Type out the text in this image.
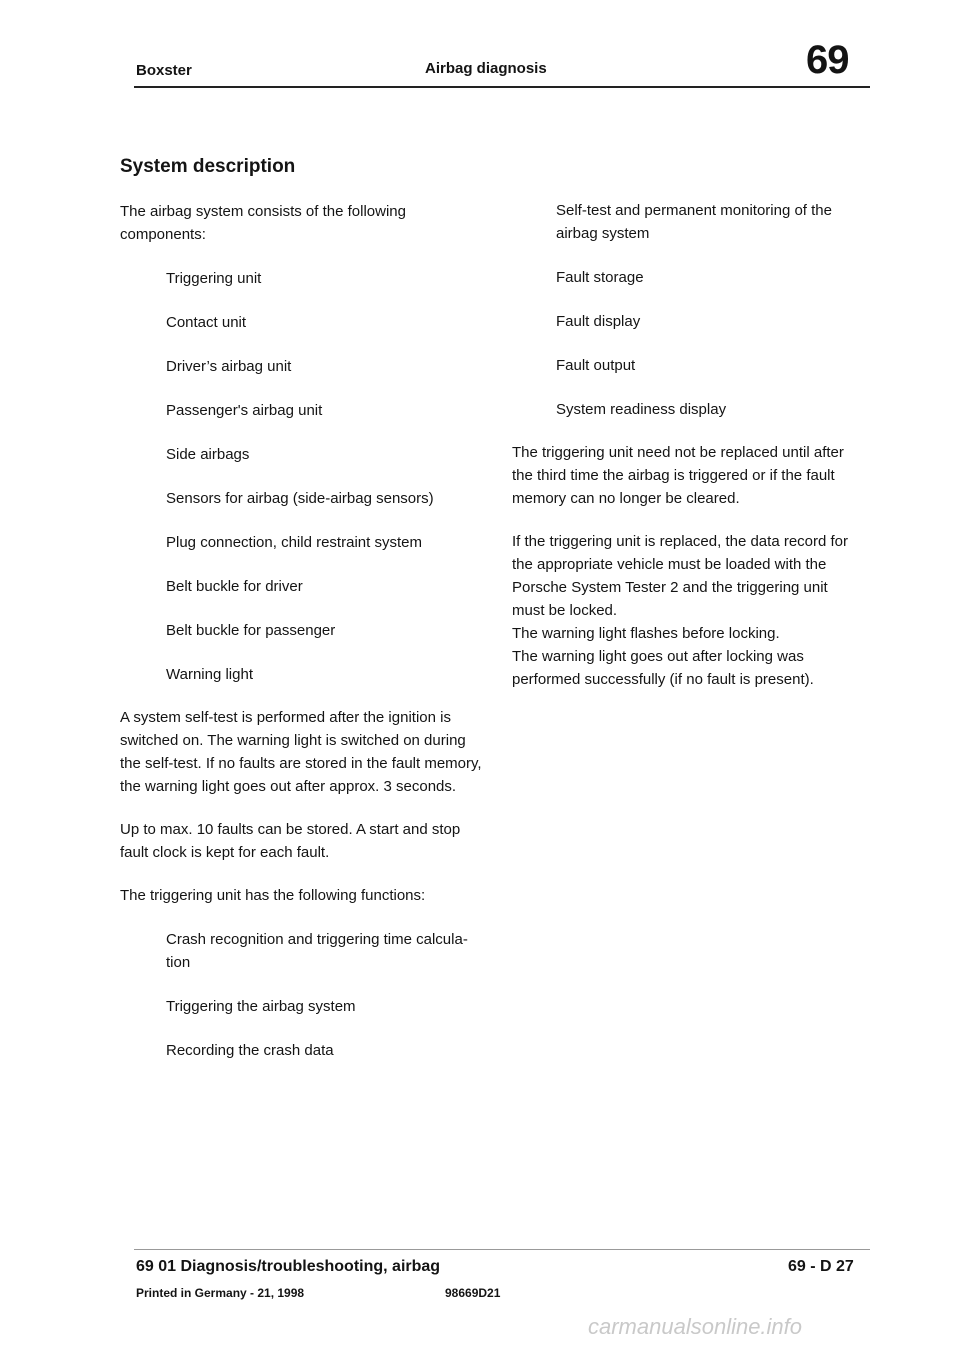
Boxster	Airbag diagnosis	69
System description

The airbag system consists of the following components:

Triggering unit
Contact unit
Driver’s airbag unit
Passenger's airbag unit
Side airbags
Sensors for airbag (side-airbag sensors)
Plug connection, child restraint system
Belt buckle for driver
Belt buckle for passenger
Warning light

A system self-test is performed after the ignition is switched on. The warning light is switched on during the self-test. If no faults are stored in the fault memory, the warning light goes out after approx. 3 seconds.

Up to max. 10 faults can be stored. A start and stop fault clock is kept for each fault.

The triggering unit has the following functions:

Crash recognition and triggering time calcula-tion
Triggering the airbag system
Recording the crash data
Self-test and permanent monitoring of the airbag system
Fault storage
Fault display
Fault output
System readiness display

The triggering unit need not be replaced until after the third time the airbag is triggered or if the fault memory can no longer be cleared.

If the triggering unit is replaced, the data record for the appropriate vehicle must be loaded with the Porsche System Tester 2 and the triggering unit must be locked.

The warning light flashes before locking.

The warning light goes out after locking was performed successfully (if no fault is present).

69 01 Diagnosis/troubleshooting, airbag	69 - D 27
Printed in Germany - 21, 1998	98669D21
carmanualsonline.info
